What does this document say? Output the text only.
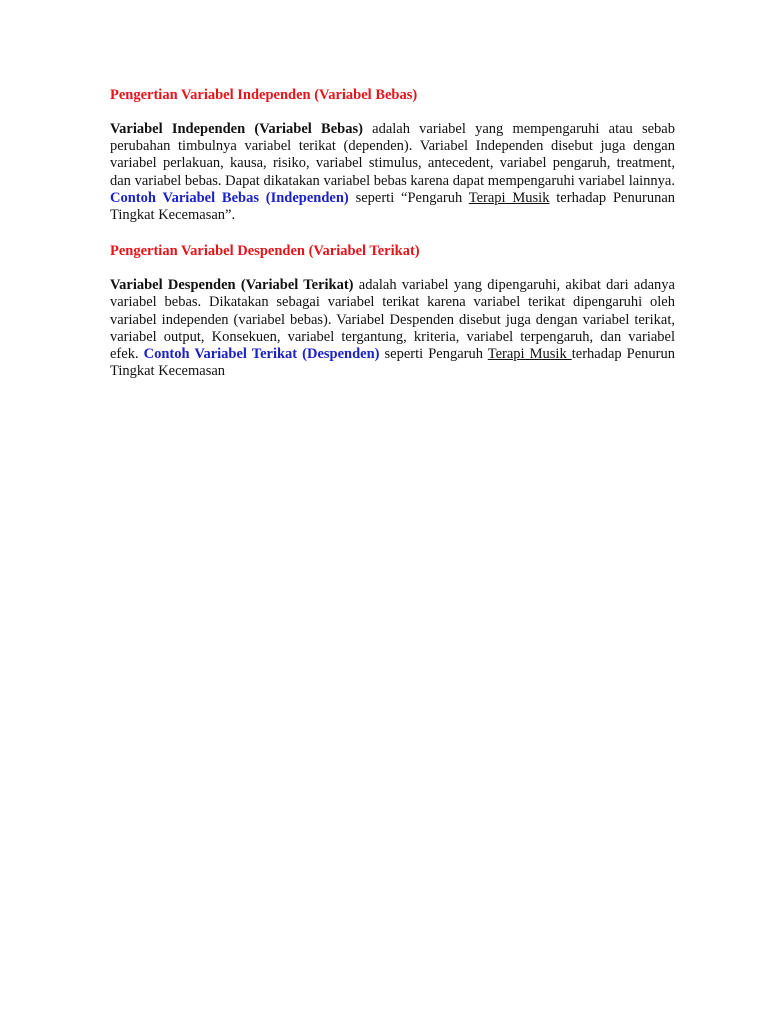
Pengertian Variabel Independen (Variabel Bebas)

Variabel Independen (Variabel Bebas) adalah variabel yang mempengaruhi atau sebab perubahan timbulnya variabel terikat (dependen). Variabel Independen disebut juga dengan variabel perlakuan, kausa, risiko, variabel stimulus, antecedent, variabel pengaruh, treatment, dan variabel bebas. Dapat dikatakan variabel bebas karena dapat mempengaruhi variabel lainnya. Contoh Variabel Bebas (Independen) seperti “Pengaruh Terapi Musik terhadap Penurunan Tingkat Kecemasan”.

Pengertian Variabel Despenden (Variabel Terikat)

Variabel Despenden (Variabel Terikat) adalah variabel yang dipengaruhi, akibat dari adanya variabel bebas. Dikatakan sebagai variabel terikat karena variabel terikat dipengaruhi oleh variabel independen (variabel bebas). Variabel Despenden disebut juga dengan variabel terikat, variabel output, Konsekuen, variabel tergantung, kriteria, variabel terpengaruh, dan variabel efek. Contoh Variabel Terikat (Despenden) seperti Pengaruh Terapi Musik terhadap Penurun Tingkat Kecemasan
